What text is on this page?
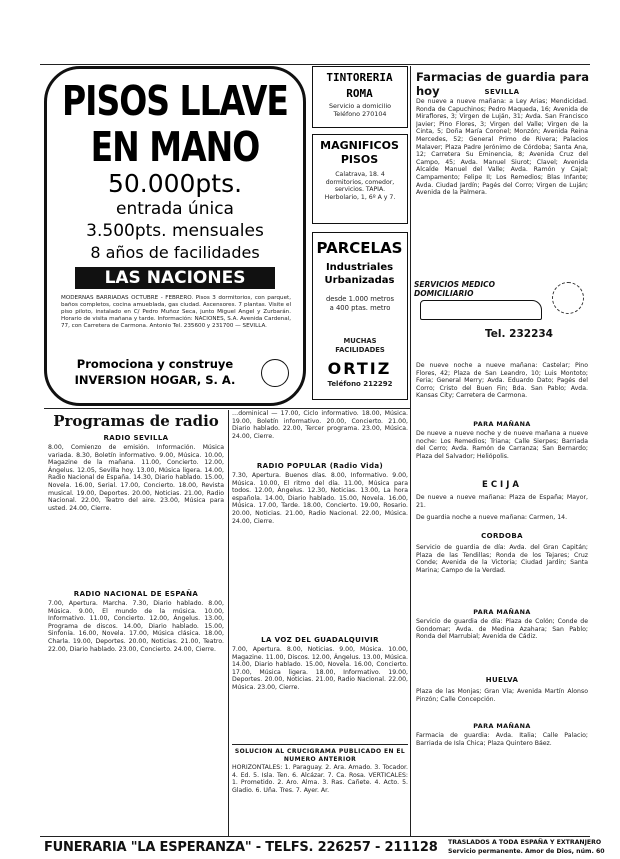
PISOS LLAVE
EN MANO
50.000pts.
entrada única
3.500pts. mensuales
8 años de facilidades
LAS NACIONES
MODERNAS BARRIADAS OCTUBRE - FEBRERO. Pisos 3 dormitorios, con parquet, baños completos, cocina amueblada, gas ciudad. Ascensores. 7 plantas. Visite el piso piloto, instalado en C/ Pedro Muñoz Seca, junto Miguel Angel y Zurbarán. Horario de visita mañana y tarde. Información: NACIONES, S.A. Avenida Cardenal, 77, con Carretera de Carmona. Antonio Tel. 235600 y 231700 — SEVILLA.
Promociona y construye
INVERSION HOGAR, S. A.
TINTORERIA
ROMA
Servicio a domicilio Teléfono 270104
MAGNIFICOS
PISOS
Calatrava, 18. 4 dormitorios, comedor, servicios. TAPIA. Herbolario, 1, 6º A y 7.
PARCELAS
Industriales Urbanizadas
desde 1.000 metros a 400 ptas. metro
MUCHAS FACILIDADES
ORTIZ
Teléfono 212292
Farmacias de guardia para hoy	SEVILLA
De nueve a nueve mañana: a Ley Arias; Mendicidad. Ronda de Capuchinos; Pedro Maqueda, 16; Avenida de Miraflores, 3; Virgen de Luján, 31; Avda. San Francisco Javier; Pino Flores, 3; Virgen del Valle; Virgen de la Cinta, 5; Doña María Coronel; Monzón; Avenida Reina Mercedes, 52; General Primo de Rivera; Palacios Malaver; Plaza Padre Jerónimo de Córdoba; Santa Ana, 12; Carretera Su Eminencia, 8; Avenida Cruz del Campo, 45; Avda. Manuel Siurot; Clavel; Avenida Alcalde Manuel del Valle; Avda. Ramón y Cajal; Campamento; Felipe II; Los Remedios; Blas Infante; Avda. Ciudad Jardín; Pagés del Corro; Virgen de Luján; Avenida de la Palmera.
SERVICIOS MEDICO DOMICILIARIO
Tel. 232234
De nueve noche a nueve mañana: Castelar; Pino Flores, 42; Plaza de San Leandro, 10; Luis Montoto; Feria; General Merry; Avda. Eduardo Dato; Pagés del Corro; Cristo del Buen Fin; Bda. San Pablo; Avda. Kansas City; Carretera de Carmona.
PARA MAÑANA
De nueve a nueve noche y de nueve mañana a nueve noche: Los Remedios; Triana; Calle Sierpes; Barriada del Cerro; Avda. Ramón de Carranza; San Bernardo; Plaza del Salvador; Heliópolis.
ECIJA
De nueve a nueve mañana: Plaza de España; Mayor, 21.
De guardia noche a nueve mañana: Carmen, 14.
CORDOBA
Servicio de guardia de día: Avda. del Gran Capitán; Plaza de las Tendillas; Ronda de los Tejares; Cruz Conde; Avenida de la Victoria; Ciudad Jardín; Santa Marina; Campo de la Verdad.
PARA MAÑANA
Servicio de guardia de día: Plaza de Colón; Conde de Gondomar; Avda. de Medina Azahara; San Pablo; Ronda del Marrubial; Avenida de Cádiz.
HUELVA
Plaza de las Monjas; Gran Vía; Avenida Martín Alonso Pinzón; Calle Concepción.
PARA MAÑANA
Farmacia de guardia: Avda. Italia; Calle Palacio; Barriada de Isla Chica; Plaza Quintero Báez.
Programas de radio
RADIO SEVILLA
8.00, Comienzo de emisión. Información. Música variada. 8.30, Boletín informativo. 9.00, Música. 10.00, Magazine de la mañana. 11.00, Concierto. 12.00, Ángelus. 12.05, Sevilla hoy. 13.00, Música ligera. 14.00, Radio Nacional de España. 14.30, Diario hablado. 15.00, Novela. 16.00, Serial. 17.00, Concierto. 18.00, Revista musical. 19.00, Deportes. 20.00, Noticias. 21.00, Radio Nacional. 22.00, Teatro del aire. 23.00, Música para usted. 24.00, Cierre.
RADIO NACIONAL DE ESPAÑA
7.00, Apertura. Marcha. 7.30, Diario hablado. 8.00, Música. 9.00, El mundo de la música. 10.00, Informativo. 11.00, Concierto. 12.00, Ángelus. 13.00, Programa de discos. 14.00, Diario hablado. 15.00, Sinfonía. 16.00, Novela. 17.00, Música clásica. 18.00, Charla. 19.00, Deportes. 20.00, Noticias. 21.00, Teatro. 22.00, Diario hablado. 23.00, Concierto. 24.00, Cierre.
…dominical — 17.00, Ciclo informativo. 18.00, Música. 19.00, Boletín informativo. 20.00, Concierto. 21.00, Diario hablado. 22.00, Tercer programa. 23.00, Música. 24.00, Cierre.
RADIO POPULAR (Radio Vida)
7.30, Apertura. Buenos días. 8.00, Informativo. 9.00, Música. 10.00, El ritmo del día. 11.00, Música para todos. 12.00, Ángelus. 12.30, Noticias. 13.00, La hora española. 14.00, Diario hablado. 15.00, Novela. 16.00, Música. 17.00, Tarde. 18.00, Concierto. 19.00, Rosario. 20.00, Noticias. 21.00, Radio Nacional. 22.00, Música. 24.00, Cierre.
LA VOZ DEL GUADALQUIVIR
7.00, Apertura. 8.00, Noticias. 9.00, Música. 10.00, Magazine. 11.00, Discos. 12.00, Ángelus. 13.00, Música. 14.00, Diario hablado. 15.00, Novela. 16.00, Concierto. 17.00, Música ligera. 18.00, Informativo. 19.00, Deportes. 20.00, Noticias. 21.00, Radio Nacional. 22.00, Música. 23.00, Cierre.
SOLUCION AL CRUCIGRAMA PUBLICADO EN EL NUMERO ANTERIOR
HORIZONTALES: 1. Paraguay. 2. Ara. Amado. 3. Tocador. 4. Ed. 5. Isla. Ten. 6. Alcázar. 7. Ca. Rosa. VERTICALES: 1. Prometido. 2. Aro. Alma. 3. Ras. Cañete. 4. Acto. 5. Gladio. 6. Uña. Tres. 7. Ayer. Ar.
FUNERARIA "LA ESPERANZA" - TELFS. 226257 - 211128	TRASLADOS A TODA ESPAÑA Y EXTRANJERO
Servicio permanente. Amor de Dios, núm. 60
